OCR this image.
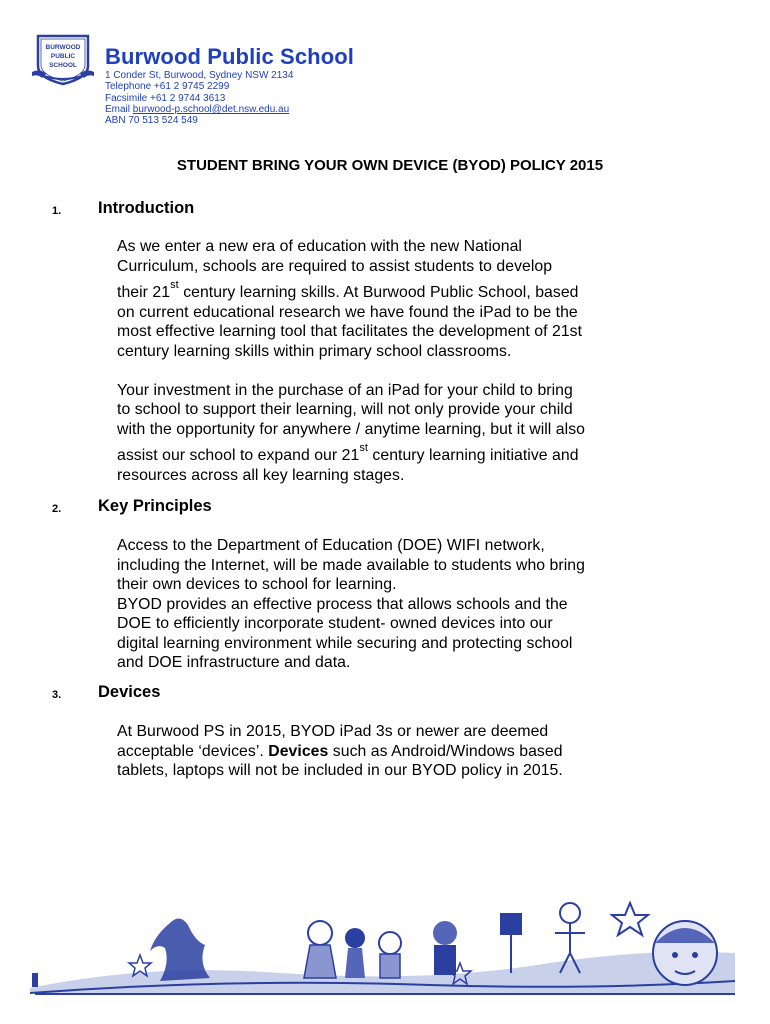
BURWOOD
PUBLIC
SCHOOL Burwood Public School
1 Conder St, Burwood, Sydney NSW 2134
Telephone +61 2 9745 2299
Facsimile +61 2 9744 3613
Email burwood-p.school@det.nsw.edu.au
ABN 70 513 524 549
STUDENT BRING YOUR OWN DEVICE (BYOD) POLICY 2015
1. Introduction
As we enter a new era of education with the new National
Curriculum, schools are required to assist students to develop
their 21st century learning skills. At Burwood Public School, based
on current educational research we have found the iPad to be the
most effective learning tool that facilitates the development of 21st
century learning skills within primary school classrooms.
Your investment in the purchase of an iPad for your child to bring
to school to support their learning, will not only provide your child
with the opportunity for anywhere / anytime learning, but it will also
assist our school to expand our 21st century learning initiative and
resources across all key learning stages.
2. Key Principles
Access to the Department of Education (DOE) WIFI network,
including the Internet, will be made available to students who bring
their own devices to school for learning.
BYOD provides an effective process that allows schools and the
DOE to efficiently incorporate student- owned devices into our
digital learning environment while securing and protecting school
and DOE infrastructure and data.
3. Devices
At Burwood PS in 2015, BYOD iPad 3s or newer are deemed
acceptable ‘devices’. Devices such as Android/Windows based
tablets, laptops will not be included in our BYOD policy in 2015.
